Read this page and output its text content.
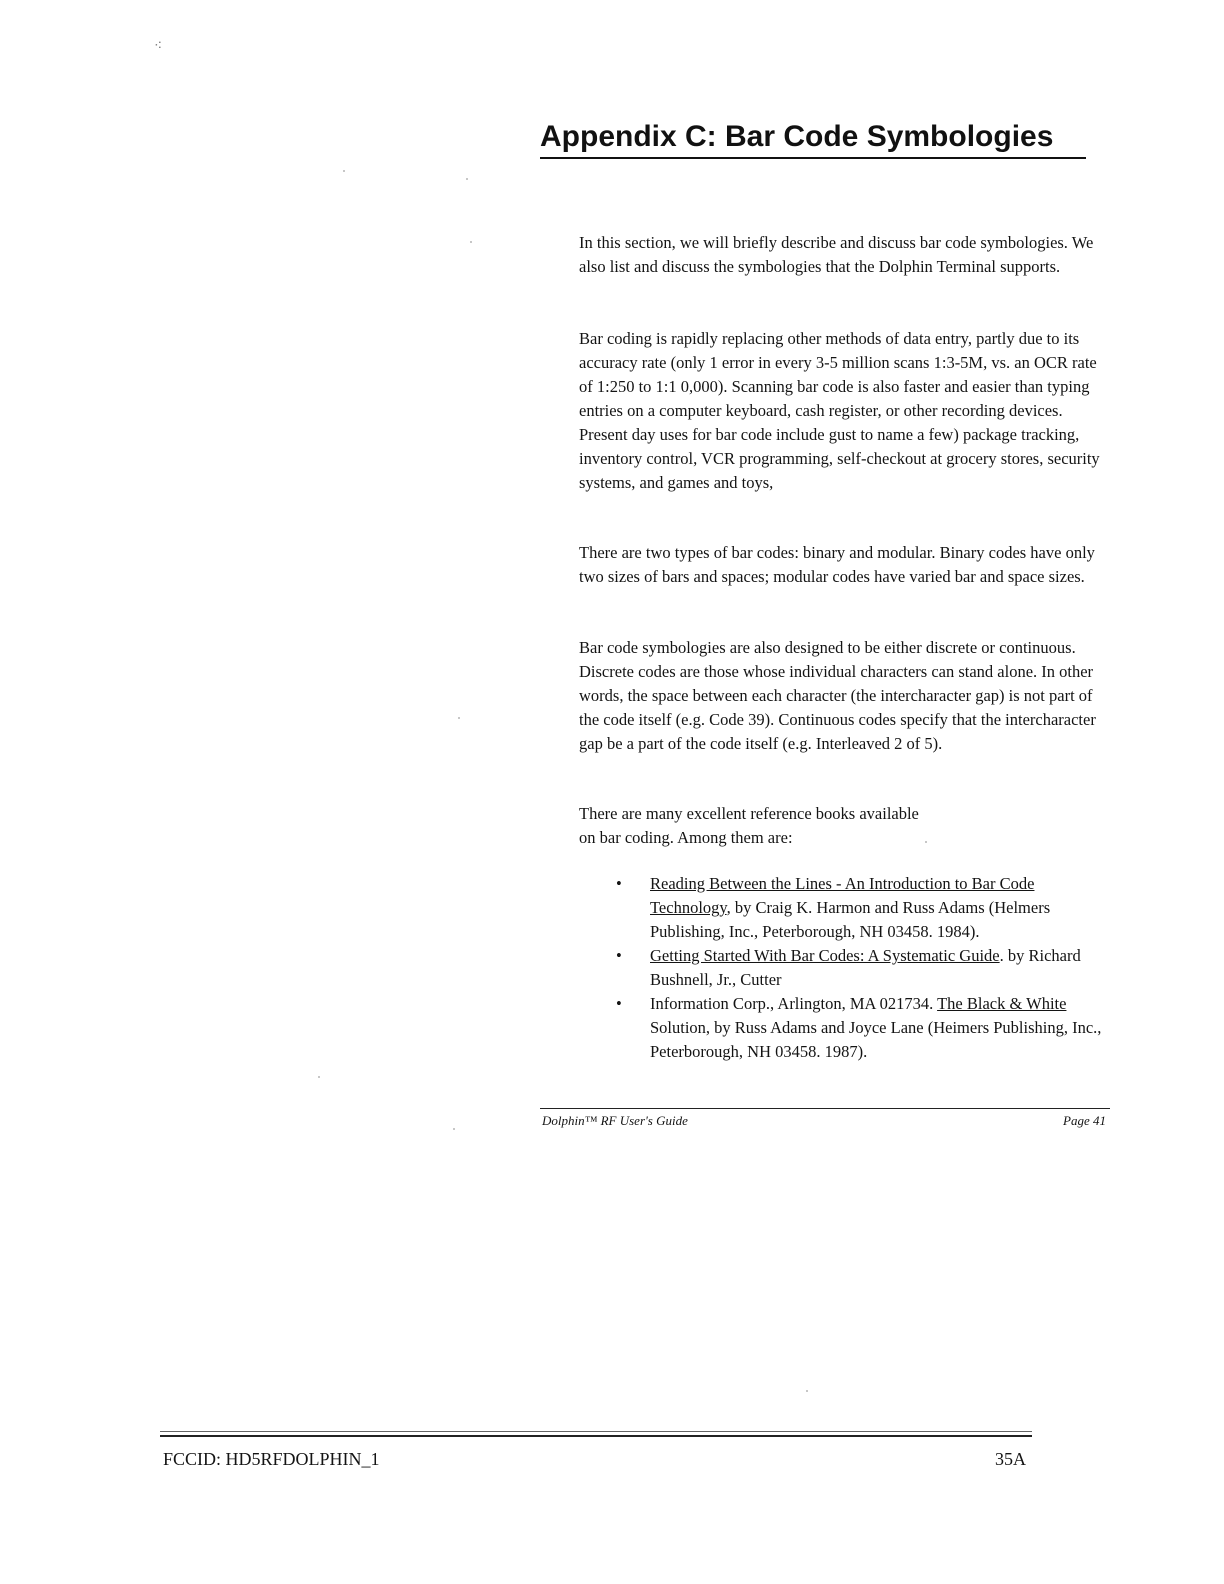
⁖
Appendix C: Bar Code Symbologies

In this section, we will briefly describe and discuss bar code symbologies. We also list and discuss the symbologies that the Dolphin Terminal supports.

Bar coding is rapidly replacing other methods of data entry, partly due to its accuracy rate (only 1 error in every 3-5 million scans 1:3-5M, vs. an OCR rate of 1:250 to 1:1 0,000). Scanning bar code is also faster and easier than typing entries on a computer keyboard, cash register, or other recording devices. Present day uses for bar code include gust to name a few) package tracking, inventory control, VCR programming, self-checkout at grocery stores, security systems, and games and toys,

There are two types of bar codes: binary and modular. Binary codes have only two sizes of bars and spaces; modular codes have varied bar and space sizes.

Bar code symbologies are also designed to be either discrete or continuous. Discrete codes are those whose individual characters can stand alone. In other words, the space between each character (the intercharacter gap) is not part of the code itself (e.g. Code 39). Continuous codes specify that the intercharacter gap be a part of the code itself (e.g. Interleaved 2 of 5).

There are many excellent reference books available on bar coding. Among them are:

• Reading Between the Lines - An Introduction to Bar Code Technology, by Craig K. Harmon and Russ Adams (Helmers Publishing, Inc., Peterborough, NH 03458. 1984).
• Getting Started With Bar Codes: A Systematic Guide. by Richard Bushnell, Jr., Cutter
• Information Corp., Arlington, MA 021734. The Black & White Solution, by Russ Adams and Joyce Lane (Heimers Publishing, Inc., Peterborough, NH 03458. 1987).
Dolphin™ RF User's Guide	Page 41
FCCID: HD5RFDOLPHIN_1	35A
